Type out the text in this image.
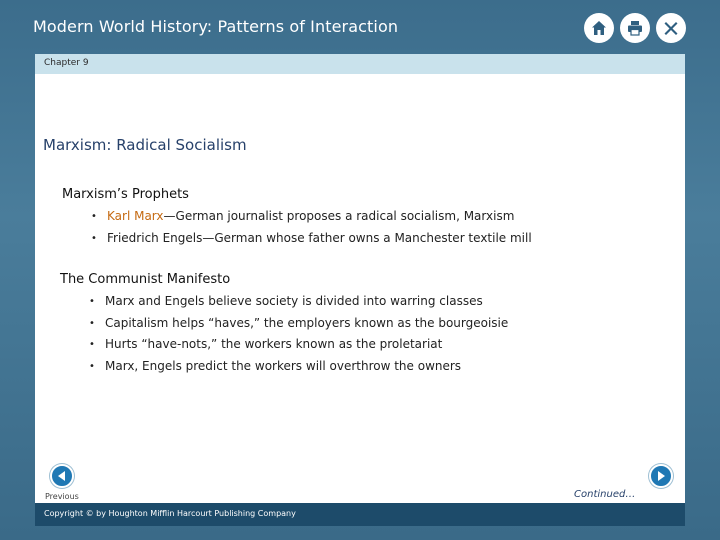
Modern World History: Patterns of Interaction
Chapter 9
Marxism: Radical Socialism
Marxism’s Prophets
• Karl Marx—German journalist proposes a radical socialism, Marxism
• Friedrich Engels—German whose father owns a Manchester textile mill
The Communist Manifesto
• Marx and Engels believe society is divided into warring classes
• Capitalism helps “haves,” the employers known as the bourgeoisie
• Hurts “have-nots,” the workers known as the proletariat
• Marx, Engels predict the workers will overthrow the owners
Previous	Continued… Next
Copyright © by Houghton Mifflin Harcourt Publishing Company
